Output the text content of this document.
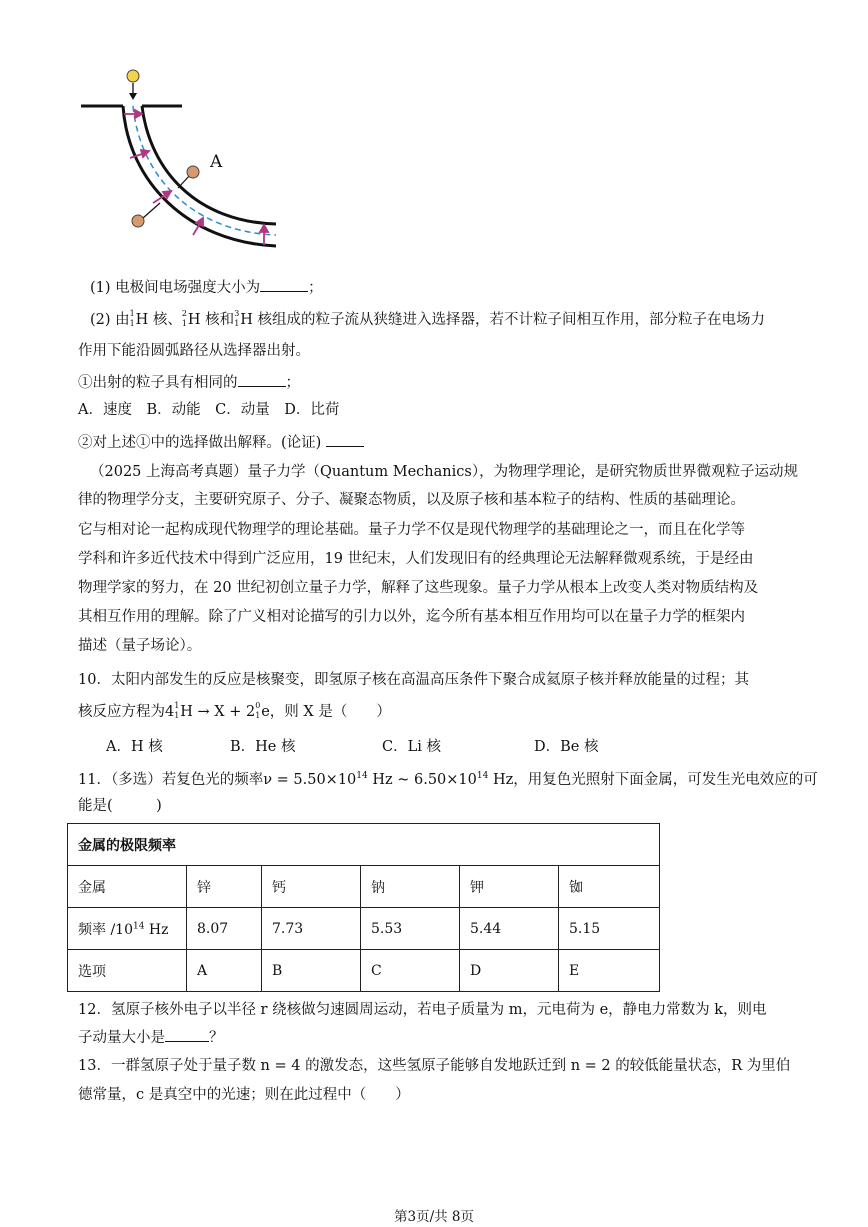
A
(1) 电极间电场强度大小为	；
(2) 由 1
1 H 核、 2
1 H 核和 3
1 H 核组成的粒子流从狭缝进入选择器，若不计粒子间相互作用，部分粒子在电场力
作用下能沿圆弧路径从选择器出射。
①出射的粒子具有相同的	；
A．速度　B．动能　C．动量　D．比荷
②对上述①中的选择做出解释。(论证)
（2025 上海高考真题）量子力学（Quantum Mechanics），为物理学理论，是研究物质世界微观粒子运动规
律的物理学分支，主要研究原子、分子、凝聚态物质，以及原子核和基本粒子的结构、性质的基础理论。
它与相对论一起构成现代物理学的理论基础。量子力学不仅是现代物理学的基础理论之一，而且在化学等
学科和许多近代技术中得到广泛应用，19 世纪末，人们发现旧有的经典理论无法解释微观系统，于是经由
物理学家的努力，在 20 世纪初创立量子力学，解释了这些现象。量子力学从根本上改变人类对物质结构及
其相互作用的理解。除了广义相对论描写的引力以外，迄今所有基本相互作用均可以在量子力学的框架内
描述（量子场论）。
10．太阳内部发生的反应是核聚变，即氢原子核在高温高压条件下聚合成氦原子核并释放能量的过程；其
核反应方程为4 1
1 H → X + 2 0
1 e，则 X 是（　　）
A．H 核	B．He 核	C．Li 核	D．Be 核
11．（多选）若复色光的频率$\nu = 5.50\times 10^{14}$ Hz ~ $6.50\times 10^{14}$ Hz，用复色光照射下面金属，可发生光电效应的可
能是(　　　)
金属的极限频率					
金属	锌	钙	钠	钾	铷
频率 $/10^{14}$ Hz	8.07	7.73	5.53	5.44	5.15
选项	A	B	C	D	E
12．氢原子核外电子以半径 r 绕核做匀速圆周运动，若电子质量为 m，元电荷为 e，静电力常数为 k，则电
子动量大小是	？
13．一群氢原子处于量子数 n = 4 的激发态，这些氢原子能够自发地跃迁到 n = 2 的较低能量状态，R 为里伯
德常量，c 是真空中的光速；则在此过程中（　　）
第3页/共 8页
